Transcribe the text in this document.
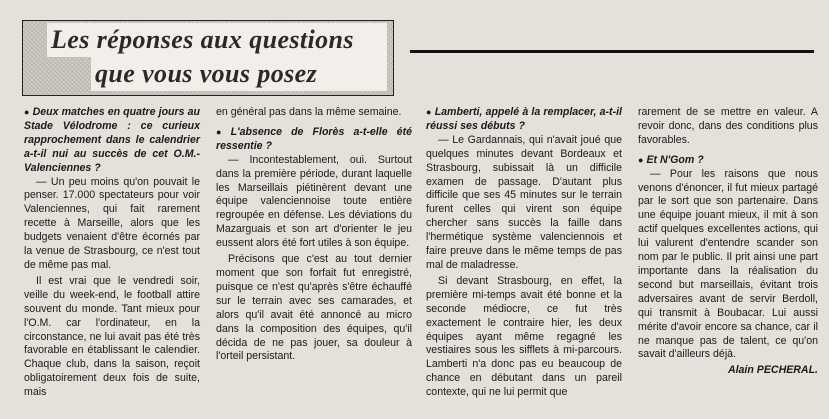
Les réponses aux questions
que vous vous posez

● Deux matches en quatre jours au Stade Vélodrome : ce curieux rapprochement dans le calendrier a-t-il nui au succès de cet O.M.-Valenciennes ?

— Un peu moins qu'on pouvait le penser. 17.000 spectateurs pour voir Valenciennes, qui fait rarement recette à Marseille, alors que les budgets venaient d'être écornés par la venue de Strasbourg, ce n'est tout de même pas mal.

Il est vrai que le vendredi soir, veille du week-end, le football attire souvent du monde. Tant mieux pour l'O.M. car l'ordinateur, en la circonstance, ne lui avait pas été très favorable en établissant le calendier. Chaque club, dans la saison, reçoit obligatoirement deux fois de suite, mais

en général pas dans la même semaine.

● L'absence de Florès a-t-elle été ressentie ?

— Incontestablement, oui. Surtout dans la première période, durant laquelle les Marseillais piétinèrent devant une équipe valenciennoise toute entière regroupée en défense. Les déviations du Mazarguais et son art d'orienter le jeu eussent alors été fort utiles à son équipe.

Précisons que c'est au tout dernier moment que son forfait fut enregistré, puisque ce n'est qu'après s'être échauffé sur le terrain avec ses camarades, et alors qu'il avait été annoncé au micro dans la composition des équipes, qu'il décida de ne pas jouer, sa douleur à l'orteil persistant.

● Lamberti, appelé à la remplacer, a-t-il réussi ses débuts ?

— Le Gardannais, qui n'avait joué que quelques minutes devant Bordeaux et Strasbourg, subissait là un difficile examen de passage. D'autant plus difficile que ses 45 minutes sur le terrain furent celles qui virent son équipe chercher sans succès la faille dans l'hermétique système valenciennois et faire preuve dans le même temps de pas mal de maladresse.

Si devant Strasbourg, en effet, la première mi-temps avait été bonne et la seconde médiocre, ce fut très exactement le contraire hier, les deux équipes ayant même regagné les vestiaires sous les sifflets à mi-parcours. Lamberti n'a donc pas eu beaucoup de chance en débutant dans un pareil contexte, qui ne lui permit que

rarement de se mettre en valeur. A revoir donc, dans des conditions plus favorables.

● Et N'Gom ?

— Pour les raisons que nous venons d'énoncer, il fut mieux partagé par le sort que son partenaire. Dans une équipe jouant mieux, il mit à son actif quelques excellentes actions, qui lui valurent d'entendre scander son nom par le public. Il prit ainsi une part importante dans la réalisation du second but marseillais, évitant trois adversaires avant de servir Berdoll, qui transmit à Boubacar. Lui aussi mérite d'avoir encore sa chance, car il ne manque pas de talent, ce qu'on savait d'ailleurs déjà.

Alain PECHERAL.
